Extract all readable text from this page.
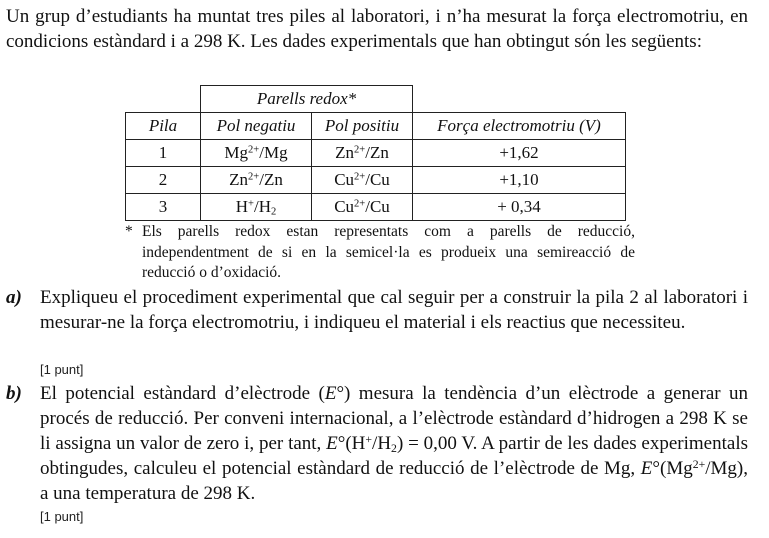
Un grup d’estudiants ha muntat tres piles al laboratori, i n’ha mesurat la força electromotriu, en condicions estàndard i a 298 K. Les dades experimentals que han obtingut són les següents:
	Parells redox*		
Pila	Pol negatiu	Pol positiu	Força electromotriu (V)
1	$Mg^{2+}/Mg$	$Zn^{2+}/Zn$	+1,62
2	$Zn^{2+}/Zn$	$Cu^{2+}/Cu$	+1,10
3	$H^+/H_2$	$Cu^{2+}/Cu$	+ 0,34
* Els parells redox estan representats com a parells de reducció, independentment de si en la semicel·la es produeix una semireacció de reducció o d’oxidació.
a) Expliqueu el procediment experimental que cal seguir per a construir la pila 2 al laboratori i mesurar-ne la força electromotriu, i indiqueu el material i els reactius que necessiteu.
[1 punt]
b) El potencial estàndard d’elèctrode (E°) mesura la tendència d’un elèctrode a generar un procés de reducció. Per conveni internacional, a l’elèctrode estàndard d’hidrogen a 298 K se li assigna un valor de zero i, per tant, $E^\circ(H^+/H_2) = 0,00$ V. A partir de les dades experimentals obtingudes, calculeu el potencial estàndard de reducció de l’elèctrode de Mg, $E^\circ(Mg^{2+}/Mg)$, a una temperatura de 298 K.
[1 punt]
